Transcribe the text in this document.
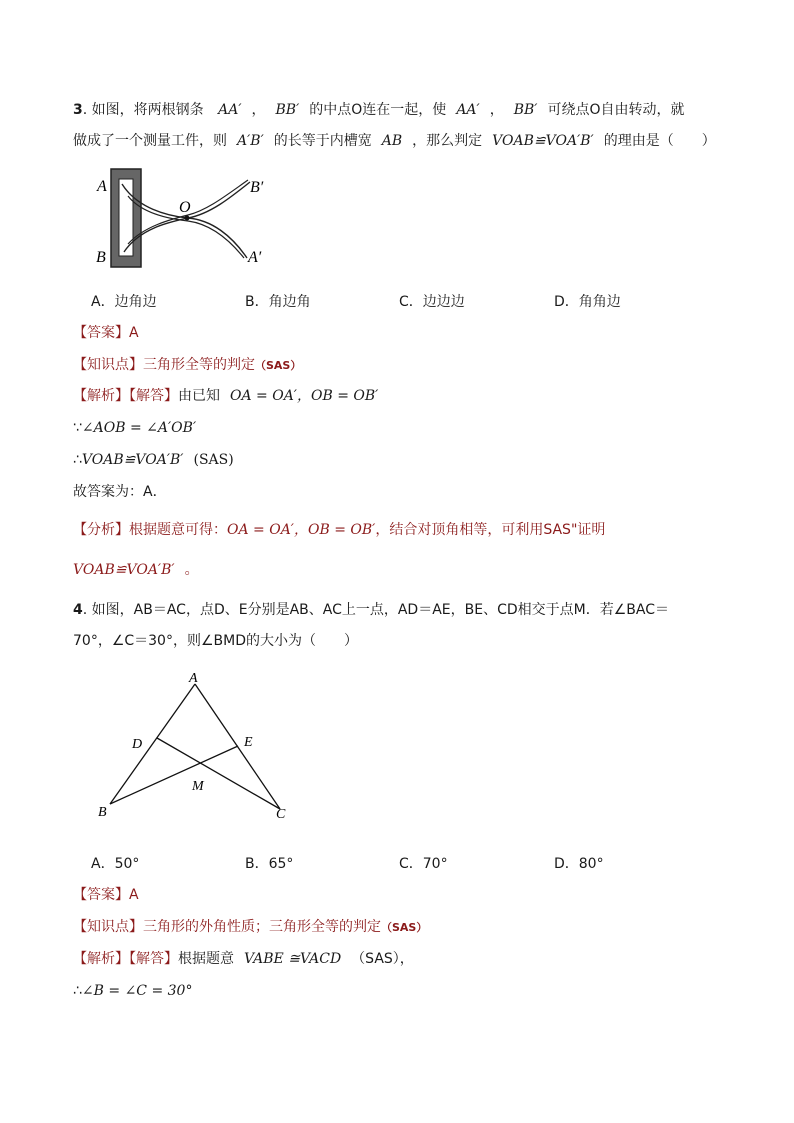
3. 如图，将两根钢条 AA′ ， BB′ 的中点O连在一起，使 AA′ ， BB′ 可绕点O自由转动，就
做成了一个测量工件，则 A′B′ 的长等于内槽宽 AB ，那么判定 VOAB≌VOA′B′ 的理由是（　　）
A
B
O
B′
A′
A．边角边	B．角边角	C．边边边	D．角角边
【答案】A
【知识点】三角形全等的判定（SAS）
【解析】【解答】由已知 OA = OA′，OB = OB′
∵∠AOB = ∠A′OB′
∴VOAB≌VOA′B′ (SAS)
故答案为：A．
【分析】根据题意可得：OA = OA′，OB = OB′，结合对顶角相等，可利用SAS"证明
VOAB≌VOA′B′ 。
4. 如图，AB＝AC，点D、E分别是AB、AC上一点，AD＝AE，BE、CD相交于点M．若∠BAC＝
70°，∠C＝30°，则∠BMD的大小为（　　）
A
D	E
M
B	C
A．50°	B．65°	C．70°	D．80°
【答案】A
【知识点】三角形的外角性质；三角形全等的判定（SAS）
【解析】【解答】根据题意 VABE ≅VACD （SAS），
∴∠B = ∠C = 30°
